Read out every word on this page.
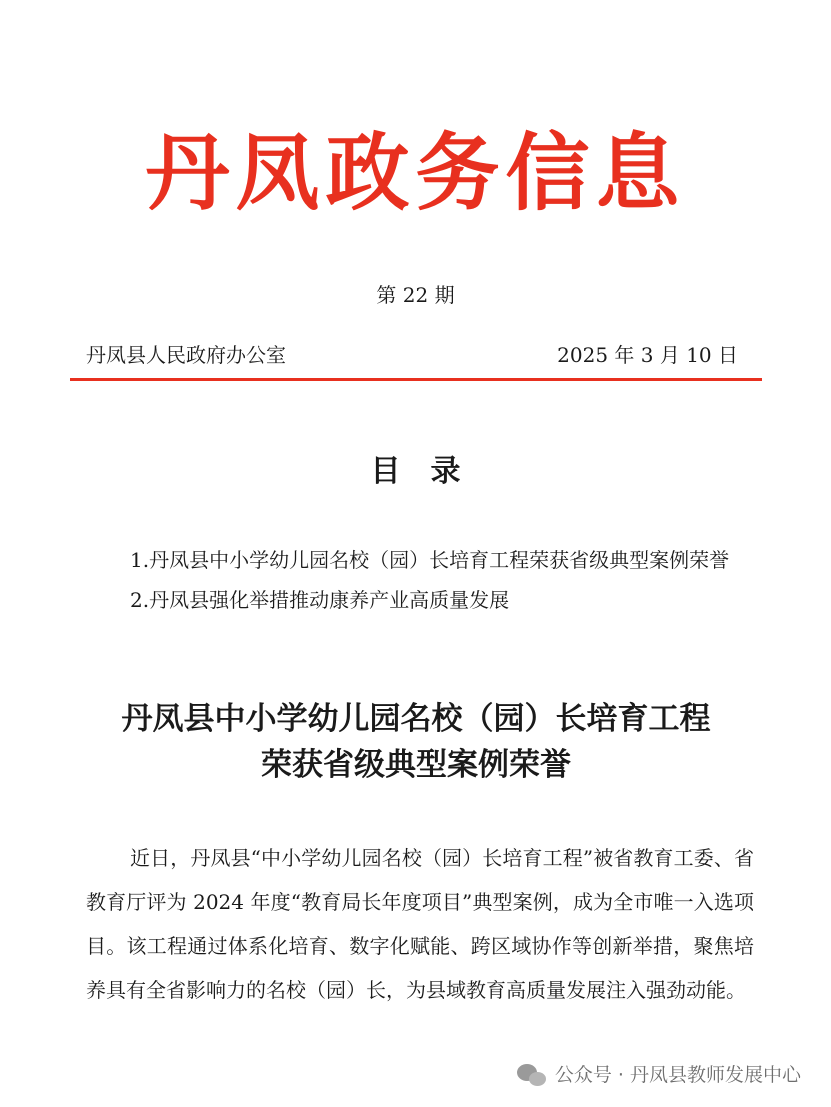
丹凤政务信息
第 22 期
丹凤县人民政府办公室	2025 年 3 月 10 日
目录

1.丹凤县中小学幼儿园名校（园）长培育工程荣获省级典型案例荣誉

2.丹凤县强化举措推动康养产业高质量发展

丹凤县中小学幼儿园名校（园）长培育工程
荣获省级典型案例荣誉

近日，丹凤县“中小学幼儿园名校（园）长培育工程”被省教育工委、省教育厅评为 2024 年度“教育局长年度项目”典型案例，成为全市唯一入选项目。该工程通过体系化培育、数字化赋能、跨区域协作等创新举措，聚焦培养具有全省影响力的名校（园）长，为县域教育高质量发展注入强劲动能。

公众号 · 丹凤县教师发展中心
